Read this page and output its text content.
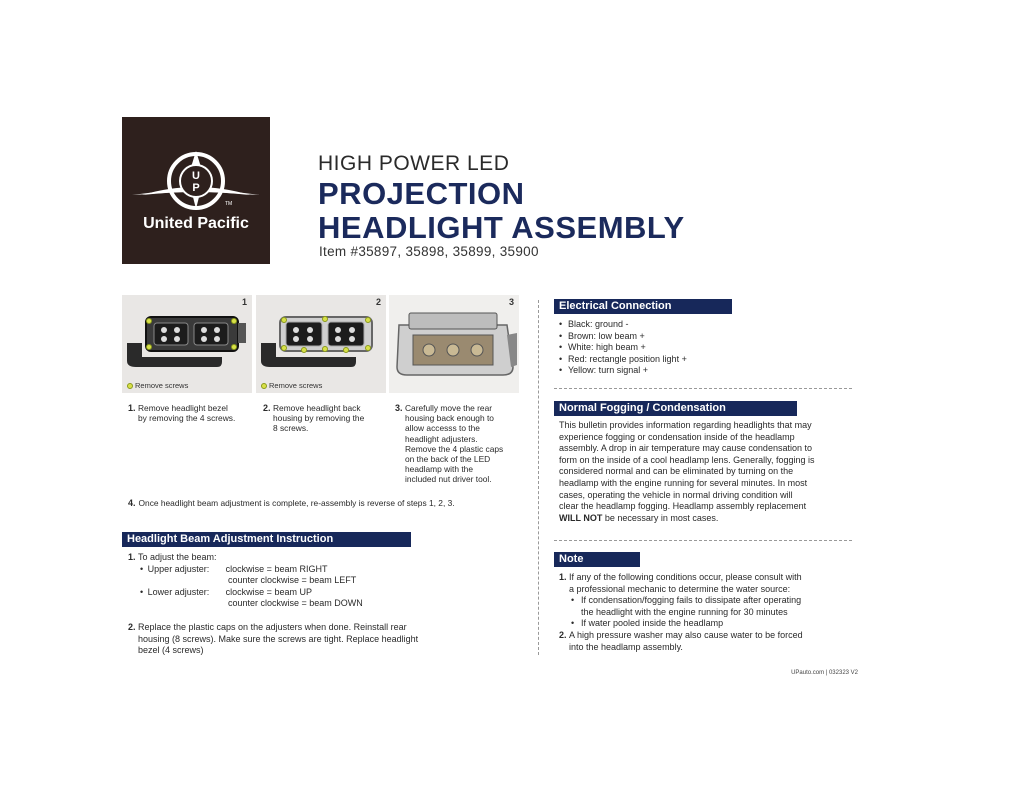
U
P
TM
United Pacific
HIGH POWER LED
PROJECTION
HEADLIGHT ASSEMBLY
Item #35897, 35898, 35899, 35900
1
Remove screws
2
Remove screws
3
1. Remove headlight bezel
by removing the 4 screws.
2. Remove headlight back
housing by removing the
8 screws.
3. Carefully move the rear
housing back enough to
allow accesss to the
headlight adjusters.
Remove the 4 plastic caps
on the back of the LED
headlamp with the
included nut driver tool.
4. Once headlight beam adjustment is complete, re-assembly is reverse of steps 1, 2, 3.
Headlight Beam Adjustment Instruction
1. To adjust the beam:
• Upper adjuster: clockwise = beam RIGHT
counter clockwise = beam LEFT
• Lower adjuster: clockwise = beam UP
counter clockwise = beam DOWN
2. Replace the plastic caps on the adjusters when done. Reinstall rear
housing (8 screws). Make sure the screws are tight. Replace headlight
bezel (4 screws)
Electrical Connection
• Black: ground -
• Brown: low beam +
• White: high beam +
• Red: rectangle position light +
• Yellow: turn signal +
Normal Fogging / Condensation
This bulletin provides information regarding headlights that may
experience fogging or condensation inside of the headlamp
assembly. A drop in air temperature may cause condensation to
form on the inside of a cool headlamp lens. Generally, fogging is
considered normal and can be eliminated by turning on the
headlamp with the engine running for several minutes. In most
cases, operating the vehicle in normal driving condition will
clear the headlamp fogging. Headlamp assembly replacement
WILL NOT be necessary in most cases.
Note
1. If any of the following conditions occur, please consult with
a professional mechanic to determine the water source:
• If condensation/fogging fails to dissipate after operating
the headlight with the engine running for 30 minutes
• If water pooled inside the headlamp
2. A high pressure washer may also cause water to be forced
into the headlamp assembly.
UPauto.com | 032323 V2
